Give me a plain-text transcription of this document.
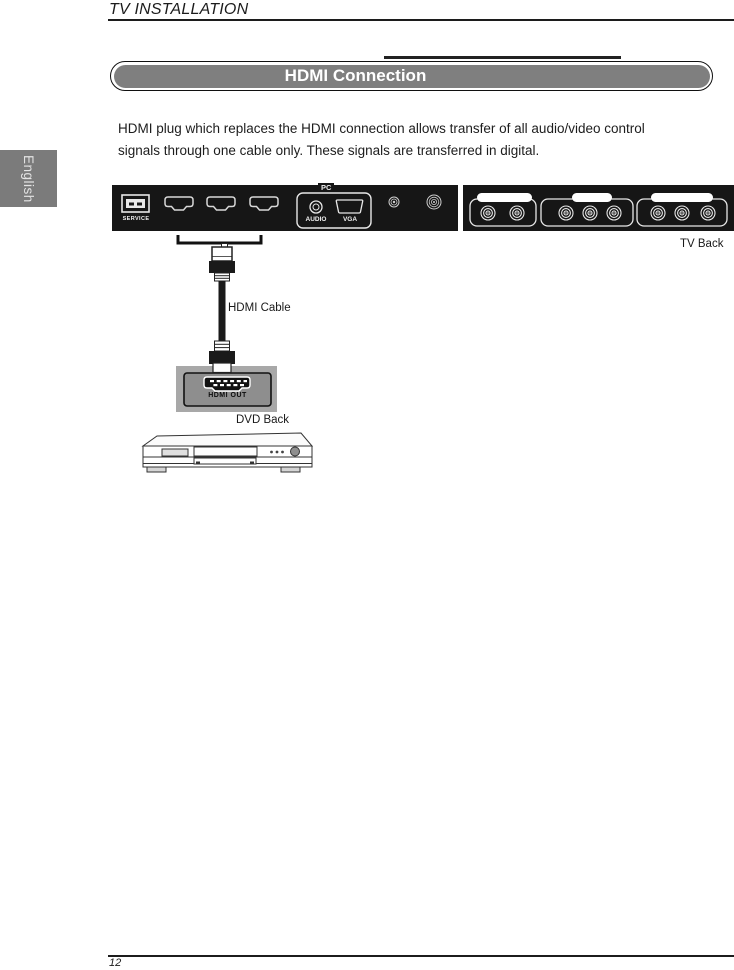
TV INSTALLATION
English
HDMI Connection
HDMI plug which replaces the HDMI connection allows transfer of all audio/video control
signals through one cable only. These signals are transferred in digital.
SERVICE
PC
AUDIO	VGA
TV Back
HDMI Cable
HDMI OUT
DVD Back
12
